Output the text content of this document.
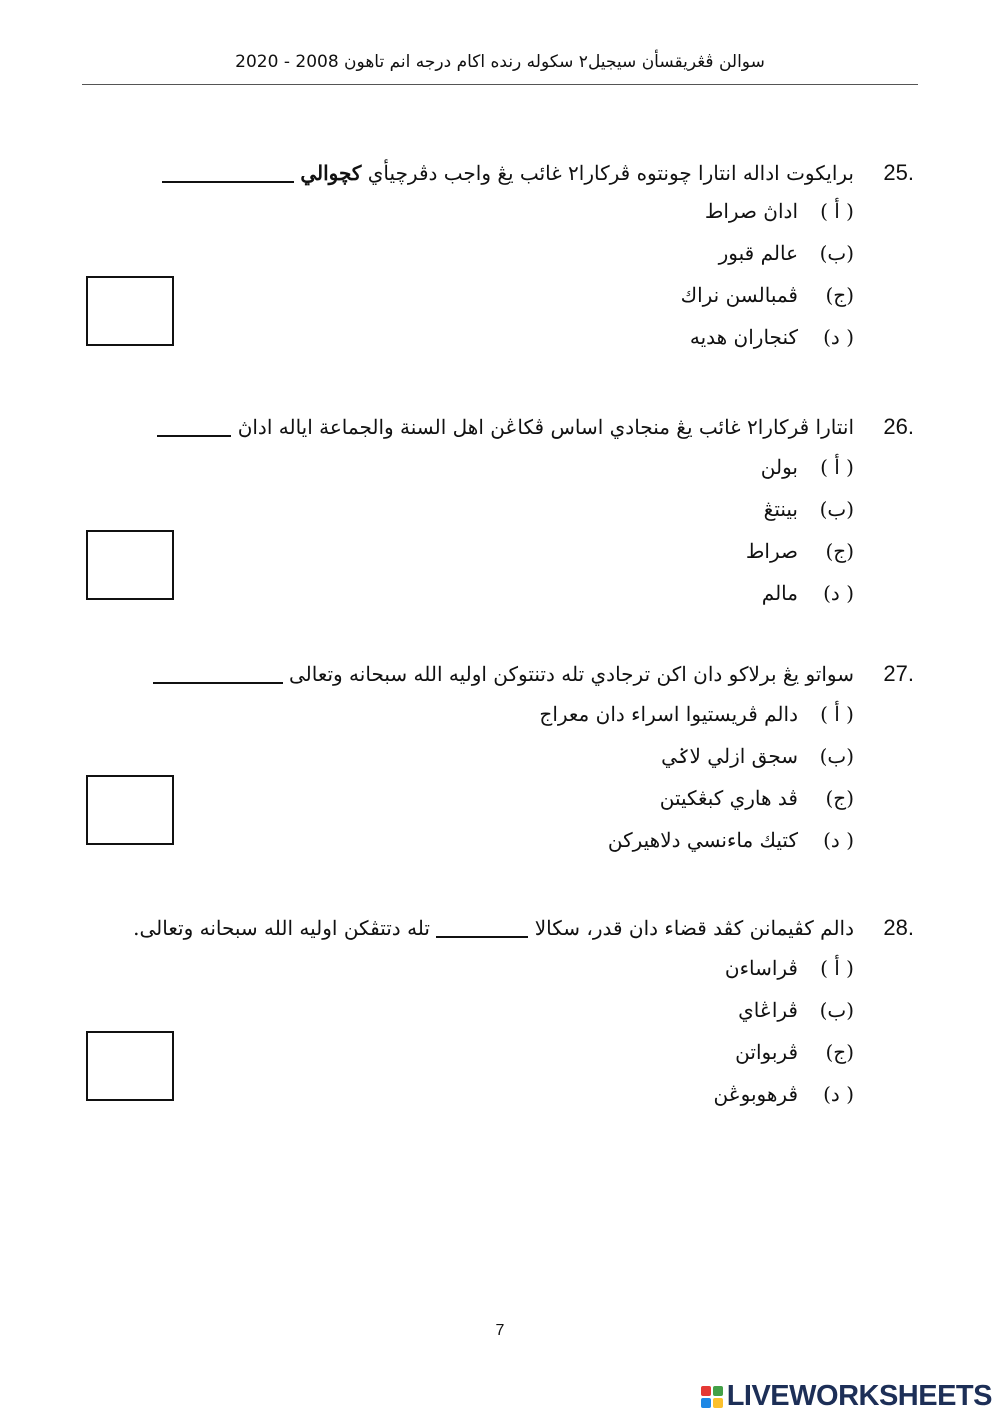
سوالن ڤڠريقسأن سيجيل٢ سکوله رنده اکام درجه انم تاهون 2008 - 2020
25.
برايکوت اداله انتارا چونتوه ڤرکارا٢ غائب يڠ واجب دڤرچيأي کچوالي
( أ )اداڽ صراط
(ب)عالم قبور
(ج)ڤمبالسن نراك
( د)کنجاران هديه
26.
انتارا ڤرکارا٢ غائب يڠ منجادي اساس ڤکاڠن اهل السنة والجماعة اياله اداڽ
( أ )بولن
(ب)بينتڠ
(ج)صراط
( د)مالم
27.
سواتو يڠ برلاکو دان اکن ترجادي تله دتنتوکن اوليه الله سبحانه وتعالى
( أ )دالم ڤريستيوا اسراء دان معراج
(ب)سجق ازلي لاݢي
(ج)ڤد هاري کبڠکيتن
( د)کتيك ماءنسي دلاهيرکن
28.
دالم کڤيمانن کڤد قضاء دان قدر، سکالا  تله دتتڤکن اوليه الله سبحانه وتعالى.
( أ )ڤراساءن
(ب)ڤراڠاي
(ج)ڤربواتن
( د)ڤرهوبوڠن
7
LIVEWORKSHEETS
